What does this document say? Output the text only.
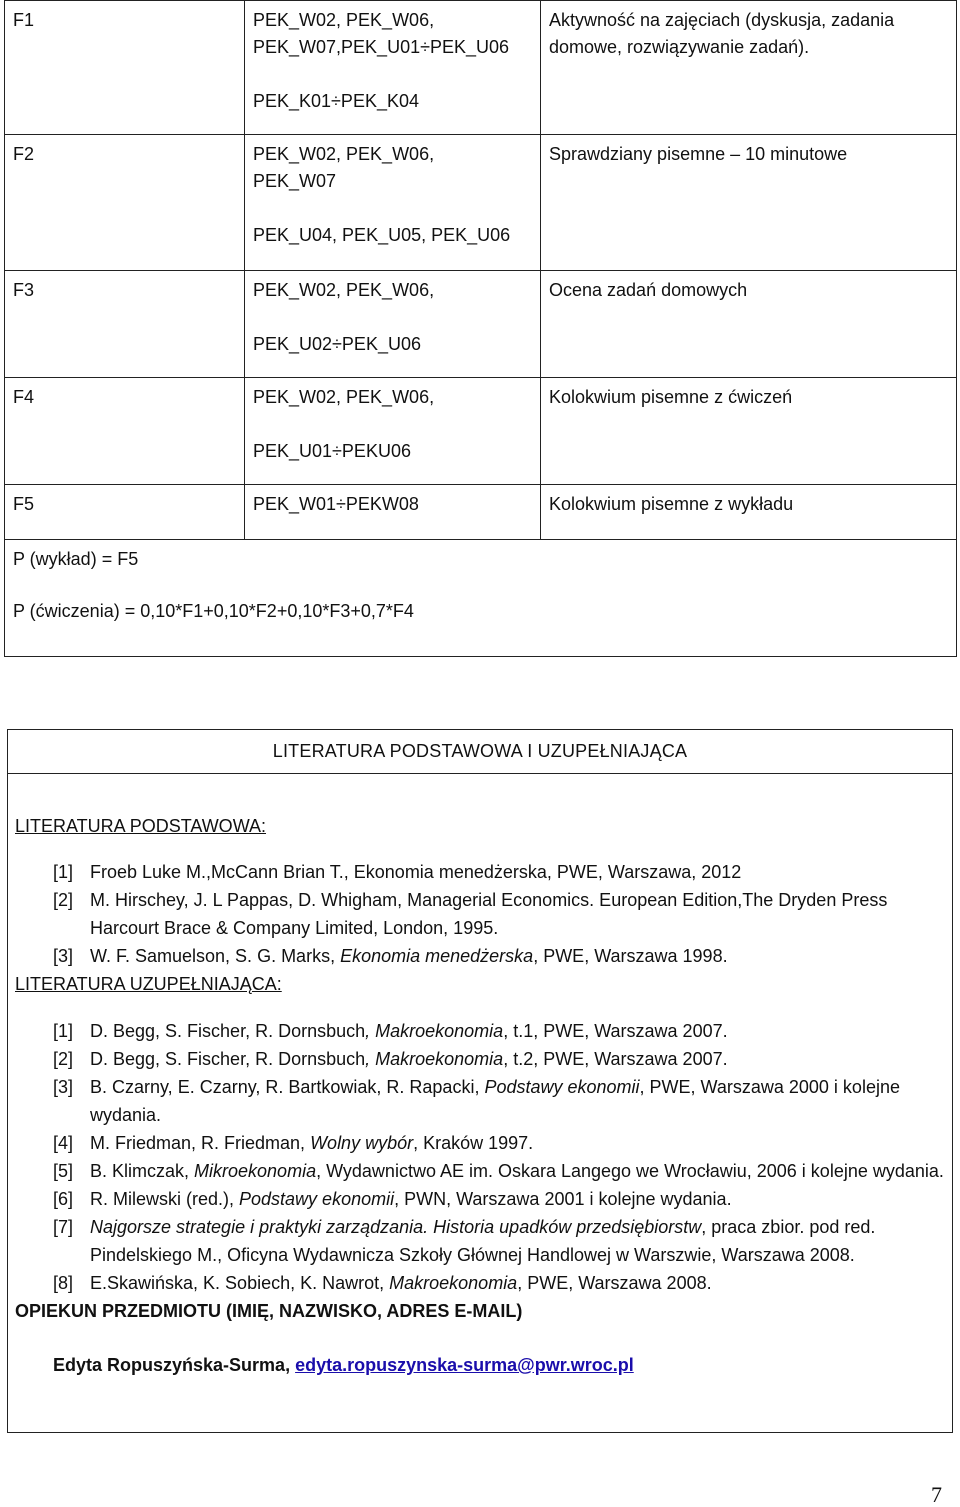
F1	PEK_W02, PEK_W06,
PEK_W07,PEK_U01÷PEK_U06
PEK_K01÷PEK_K04	Aktywność na zajęciach (dyskusja, zadania domowe, rozwiązywanie zadań).
F2	PEK_W02, PEK_W06,
PEK_W07
PEK_U04, PEK_U05, PEK_U06	Sprawdziany pisemne – 10 minutowe
F3	PEK_W02, PEK_W06,
PEK_U02÷PEK_U06	Ocena zadań domowych
F4	PEK_W02, PEK_W06,
PEK_U01÷PEKU06	Kolokwium pisemne z ćwiczeń
F5	PEK_W01÷PEKW08	Kolokwium pisemne z wykładu

P (wykład) = F5
P (ćwiczenia) = 0,10*F1+0,10*F2+0,10*F3+0,7*F4		
LITERATURA PODSTAWOWA I UZUPEŁNIAJĄCA
LITERATURA PODSTAWOWA:
[1] Froeb Luke M.,McCann Brian T., Ekonomia menedżerska, PWE, Warszawa, 2012
[2] M. Hirschey, J. L Pappas, D. Whigham, Managerial Economics. European Edition,The Dryden Press Harcourt Brace & Company Limited, London, 1995.
[3] W. F. Samuelson, S. G. Marks, Ekonomia menedżerska, PWE, Warszawa 1998.
LITERATURA UZUPEŁNIAJĄCA:
[1] D. Begg, S. Fischer, R. Dornsbuch, Makroekonomia, t.1, PWE, Warszawa 2007.
[2] D. Begg, S. Fischer, R. Dornsbuch, Makroekonomia, t.2, PWE, Warszawa 2007.
[3] B. Czarny, E. Czarny, R. Bartkowiak, R. Rapacki, Podstawy ekonomii, PWE, Warszawa 2000 i kolejne wydania.
[4] M. Friedman, R. Friedman, Wolny wybór, Kraków 1997.
[5] B. Klimczak, Mikroekonomia, Wydawnictwo AE im. Oskara Langego we Wrocławiu, 2006 i kolejne wydania.
[6] R. Milewski (red.), Podstawy ekonomii, PWN, Warszawa 2001 i kolejne wydania.
[7] Najgorsze strategie i praktyki zarządzania. Historia upadków przedsiębiorstw, praca zbior. pod red. Pindelskiego M., Oficyna Wydawnicza Szkoły Głównej Handlowej w Warszwie, Warszawa 2008.
[8] E.Skawińska, K. Sobiech, K. Nawrot, Makroekonomia, PWE, Warszawa 2008.
OPIEKUN PRZEDMIOTU (IMIĘ, NAZWISKO, ADRES E-MAIL)
Edyta Ropuszyńska-Surma, edyta.ropuszynska-surma@pwr.wroc.pl
7
